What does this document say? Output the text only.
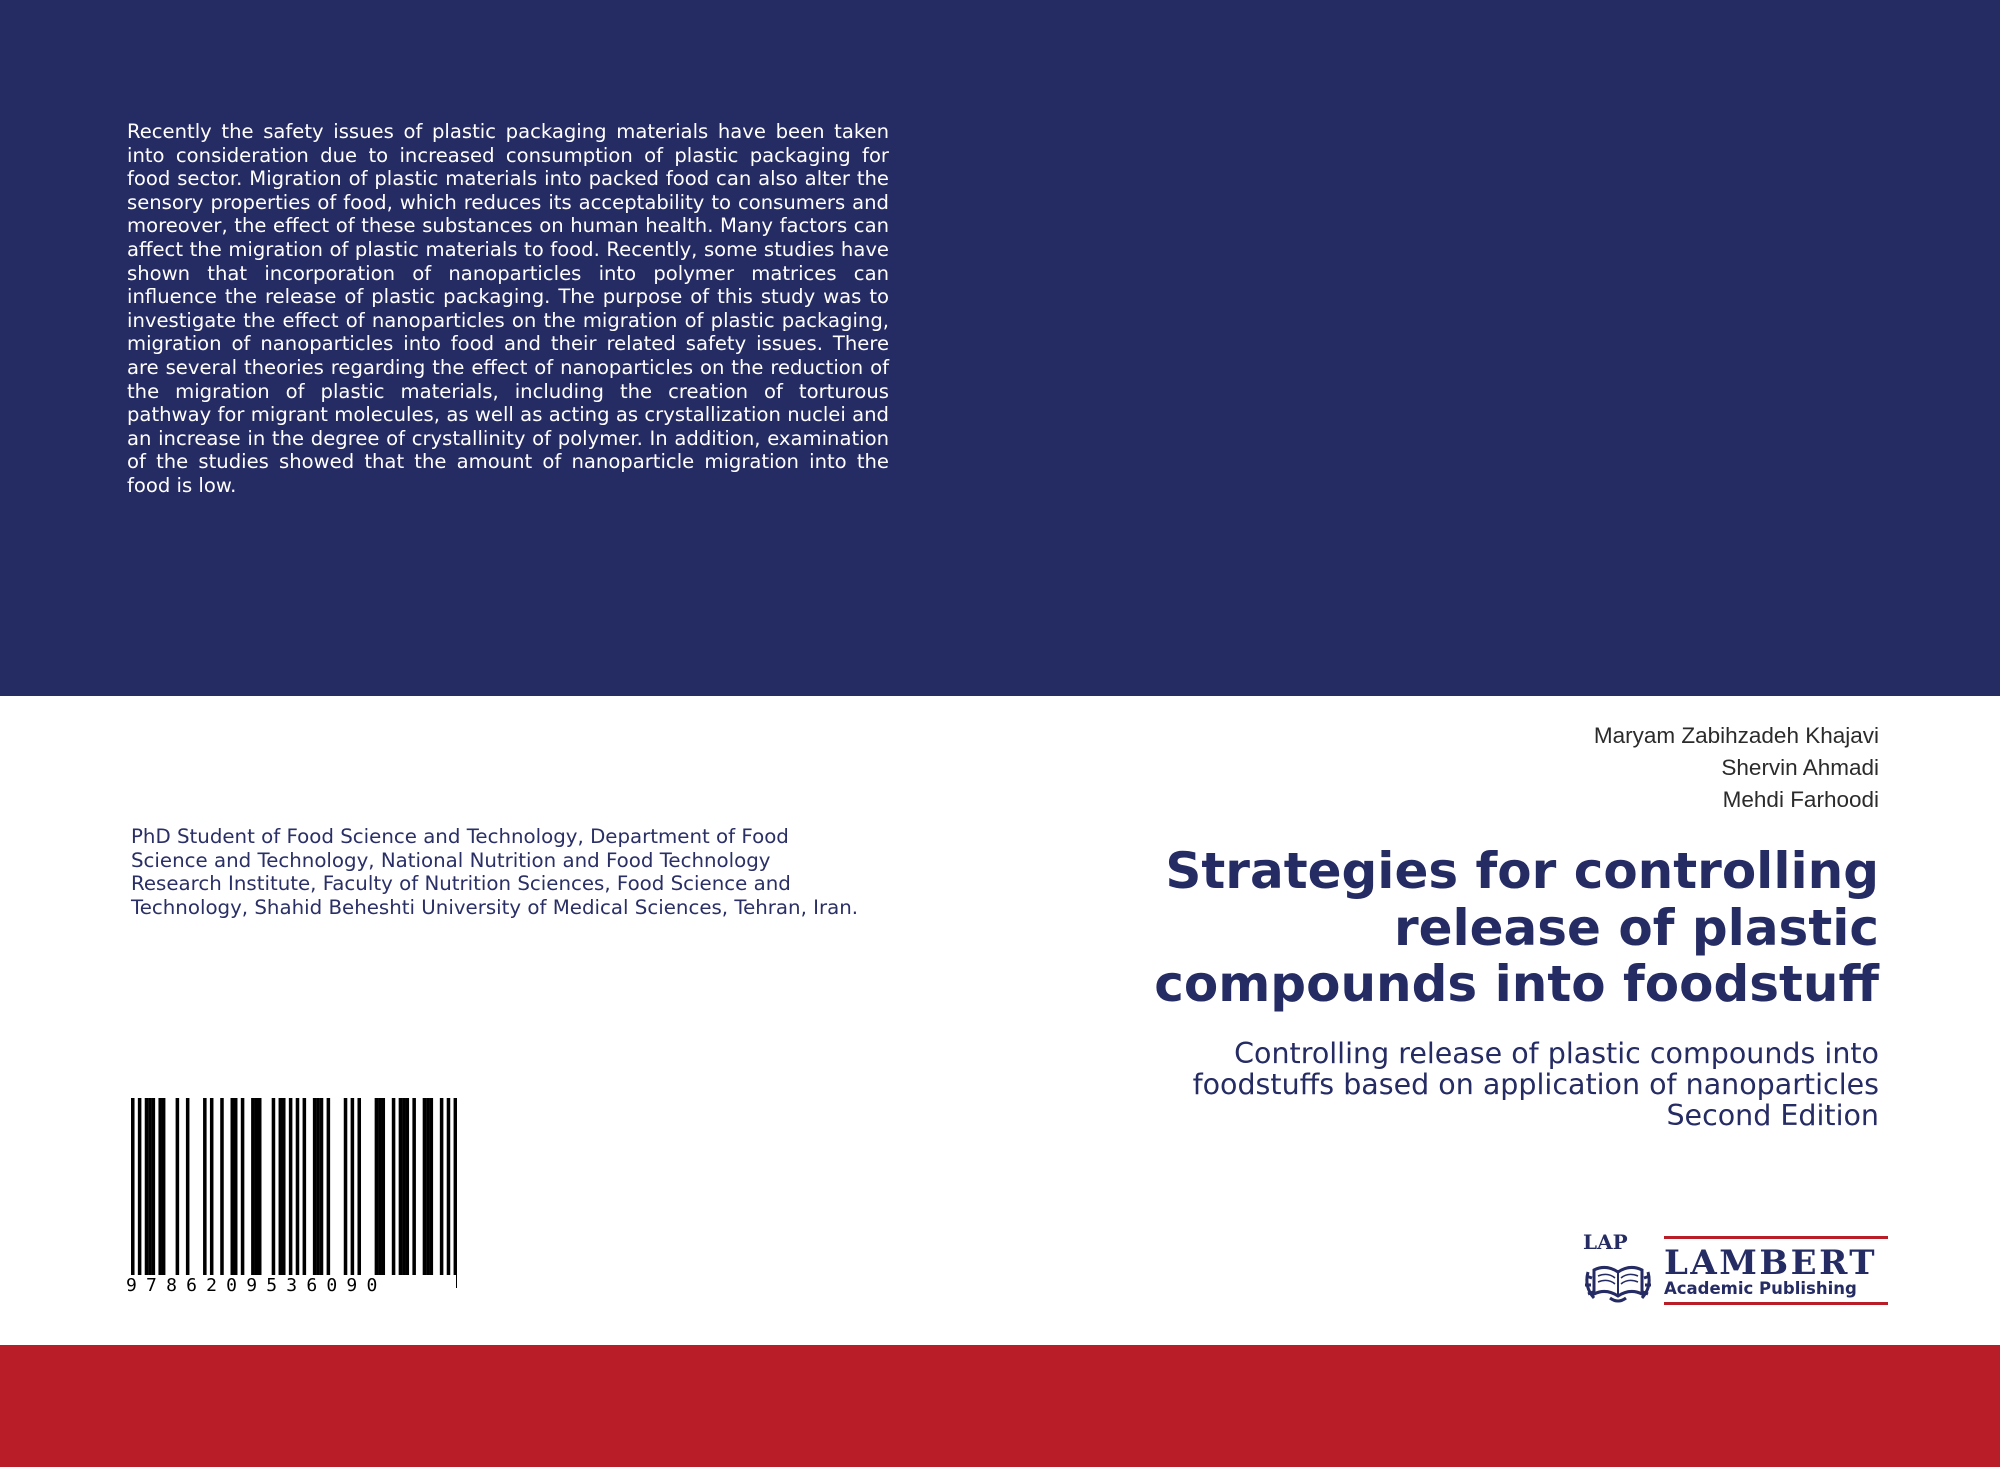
Recently the safety issues of plastic packaging materials have been taken into consideration due to increased consumption of plastic packaging for food sector. Migration of plastic materials into packed food can also alter the sensory properties of food, which reduces its acceptability to consumers and moreover, the effect of these substances on human health. Many factors can affect the migration of plastic materials to food. Recently, some studies have shown that incorporation of nanoparticles into polymer matrices can influence the release of plastic packaging. The purpose of this study was to investigate the effect of nanoparticles on the migration of plastic packaging, migration of nanoparticles into food and their related safety issues. There are several theories regarding the effect of nanoparticles on the reduction of the migration of plastic materials, including the creation of torturous pathway for migrant molecules, as well as acting as crystallization nuclei and an increase in the degree of crystallinity of polymer. In addition, examination of the studies showed that the amount of nanoparticle migration into the food is low.

PhD Student of Food Science and Technology, Department of Food
Science and Technology, National Nutrition and Food Technology
Research Institute, Faculty of Nutrition Sciences, Food Science and
Technology, Shahid Beheshti University of Medical Sciences, Tehran, Iran.
Maryam Zabihzadeh Khajavi
Shervin Ahmadi
Mehdi Farhoodi
Strategies for controlling
release of plastic
compounds into foodstuff
Controlling release of plastic compounds into
foodstuffs based on application of nanoparticles
Second Edition
9786209536090
LAP
LAMBERT
Academic Publishing
